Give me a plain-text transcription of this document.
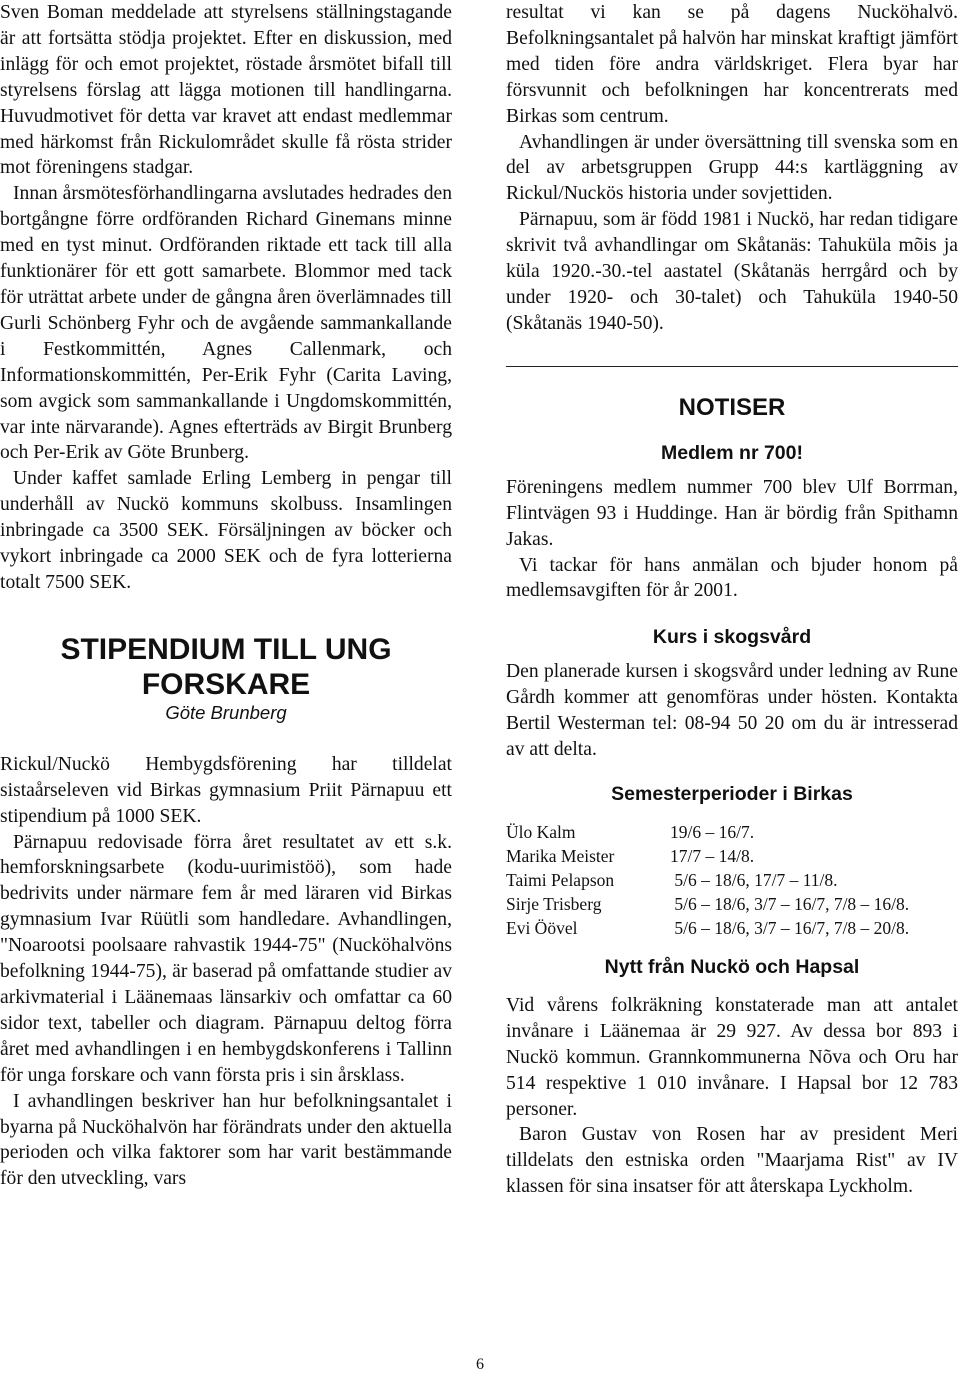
Sven Boman meddelade att styrelsens ställningstagande är att fortsätta stödja projektet. Efter en diskussion, med inlägg för och emot projektet, röstade årsmötet bifall till styrelsens förslag att lägga motionen till handlingarna. Huvudmotivet för detta var kravet att endast medlemmar med härkomst från Rickulområdet skulle få rösta strider mot föreningens stadgar.

Innan årsmötesförhandlingarna avslutades hedrades den bortgångne förre ordföranden Richard Ginemans minne med en tyst minut. Ordföranden riktade ett tack till alla funktionärer för ett gott samarbete. Blommor med tack för uträttat arbete under de gångna åren överlämnades till Gurli Schönberg Fyhr och de avgående sammankallande i Festkommittén, Agnes Callenmark, och Informationskommittén, Per-Erik Fyhr (Carita Laving, som avgick som sammankallande i Ungdomskommittén, var inte närvarande). Agnes efterträds av Birgit Brunberg och Per-Erik av Göte Brunberg.

Under kaffet samlade Erling Lemberg in pengar till underhåll av Nuckö kommuns skolbuss. Insamlingen inbringade ca 3500 SEK. Försäljningen av böcker och vykort inbringade ca 2000 SEK och de fyra lotterierna totalt 7500 SEK.

STIPENDIUM TILL UNG
FORSKARE
Göte Brunberg

Rickul/Nuckö Hembygdsförening har tilldelat sistaårseleven vid Birkas gymnasium Priit Pärnapuu ett stipendium på 1000 SEK.

Pärnapuu redovisade förra året resultatet av ett s.k. hemforskningsarbete (kodu-uurimistöö), som hade bedrivits under närmare fem år med läraren vid Birkas gymnasium Ivar Rüütli som handledare. Avhandlingen, "Noarootsi poolsaare rahvastik 1944-75" (Nucköhalvöns befolkning 1944-75), är baserad på omfattande studier av arkivmaterial i Läänemaas länsarkiv och omfattar ca 60 sidor text, tabeller och diagram. Pärnapuu deltog förra året med avhandlingen i en hembygdskonferens i Tallinn för unga forskare och vann första pris i sin årsklass.

I avhandlingen beskriver han hur befolkningsantalet i byarna på Nucköhalvön har förändrats under den aktuella perioden och vilka faktorer som har varit bestämmande för den utveckling, vars

resultat vi kan se på dagens Nucköhalvö. Befolkningsantalet på halvön har minskat kraftigt jämfört med tiden före andra världskriget. Flera byar har försvunnit och befolkningen har koncentrerats med Birkas som centrum.

Avhandlingen är under översättning till svenska som en del av arbetsgruppen Grupp 44:s kartläggning av Rickul/Nuckös historia under sovjettiden.

Pärnapuu, som är född 1981 i Nuckö, har redan tidigare skrivit två avhandlingar om Skåtanäs: Tahuküla mõis ja küla 1920.-30.-tel aastatel (Skåtanäs herrgård och by under 1920- och 30-talet) och Tahuküla 1940-50 (Skåtanäs 1940-50).

NOTISER
Medlem nr 700!

Föreningens medlem nummer 700 blev Ulf Borrman, Flintvägen 93 i Huddinge. Han är bördig från Spithamn Jakas.

Vi tackar för hans anmälan och bjuder honom på medlemsavgiften för år 2001.

Kurs i skogsvård

Den planerade kursen i skogsvård under ledning av Rune Gårdh kommer att genomföras under hösten. Kontakta Bertil Westerman tel: 08-94 50 20 om du är intresserad av att delta.

Semesterperioder i Birkas
Ülo Kalm	19/6 – 16/7.
Marika Meister	17/7 – 14/8.
Taimi Pelapson	5/6 – 18/6, 17/7 – 11/8.
Sirje Trisberg	5/6 – 18/6, 3/7 – 16/7, 7/8 – 16/8.
Evi Öövel	5/6 – 18/6, 3/7 – 16/7, 7/8 – 20/8.
Nytt från Nuckö och Hapsal

Vid vårens folkräkning konstaterade man att antalet invånare i Läänemaa är 29 927. Av dessa bor 893 i Nuckö kommun. Grannkommunerna Nõva och Oru har 514 respektive 1 010 invånare. I Hapsal bor 12 783 personer.

Baron Gustav von Rosen har av president Meri tilldelats den estniska orden "Maarjama Rist" av IV klassen för sina insatser för att återskapa Lyckholm.

6
